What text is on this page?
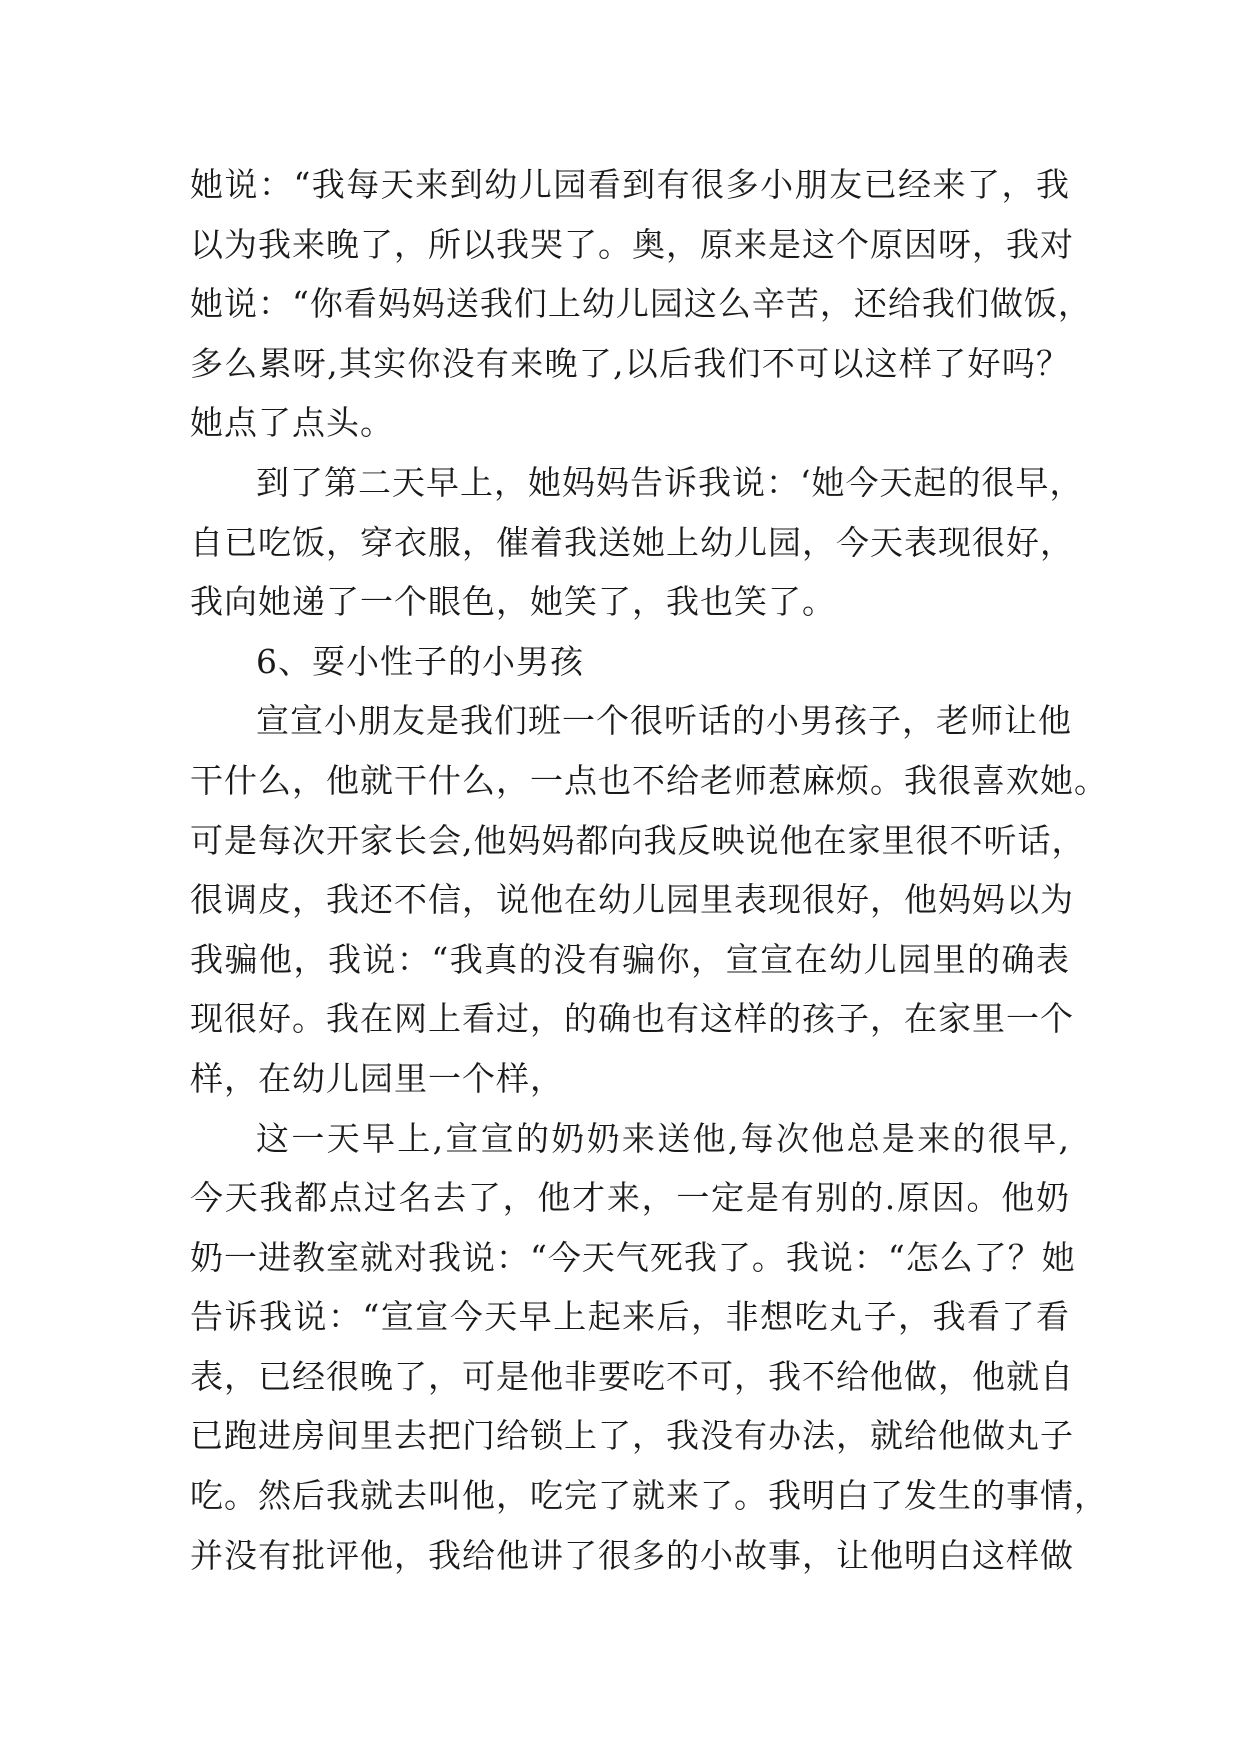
她说：“我每天来到幼儿园看到有很多小朋友已经来了，我
以为我来晚了，所以我哭了。奥，原来是这个原因呀，我对
她说：“你看妈妈送我们上幼儿园这么辛苦，还给我们做饭，
多么累呀,其实你没有来晚了,以后我们不可以这样了好吗？
她点了点头。
到了第二天早上，她妈妈告诉我说：‘她今天起的很早，
自已吃饭，穿衣服，催着我送她上幼儿园，今天表现很好，
我向她递了一个眼色，她笑了，我也笑了。
6、耍小性子的小男孩
宣宣小朋友是我们班一个很听话的小男孩子，老师让他
干什么，他就干什么，一点也不给老师惹麻烦。我很喜欢她。
可是每次开家长会,他妈妈都向我反映说他在家里很不听话，
很调皮，我还不信，说他在幼儿园里表现很好，他妈妈以为
我骗他，我说：“我真的没有骗你，宣宣在幼儿园里的确表
现很好。我在网上看过，的确也有这样的孩子，在家里一个
样，在幼儿园里一个样，
这一天早上,宣宣的奶奶来送他,每次他总是来的很早,
今天我都点过名去了，他才来，一定是有别的.原因。他奶
奶一进教室就对我说：“今天气死我了。我说：“怎么了？她
告诉我说：“宣宣今天早上起来后，非想吃丸子，我看了看
表，已经很晚了，可是他非要吃不可，我不给他做，他就自
已跑进房间里去把门给锁上了，我没有办法，就给他做丸子
吃。然后我就去叫他，吃完了就来了。我明白了发生的事情，
并没有批评他，我给他讲了很多的小故事，让他明白这样做
